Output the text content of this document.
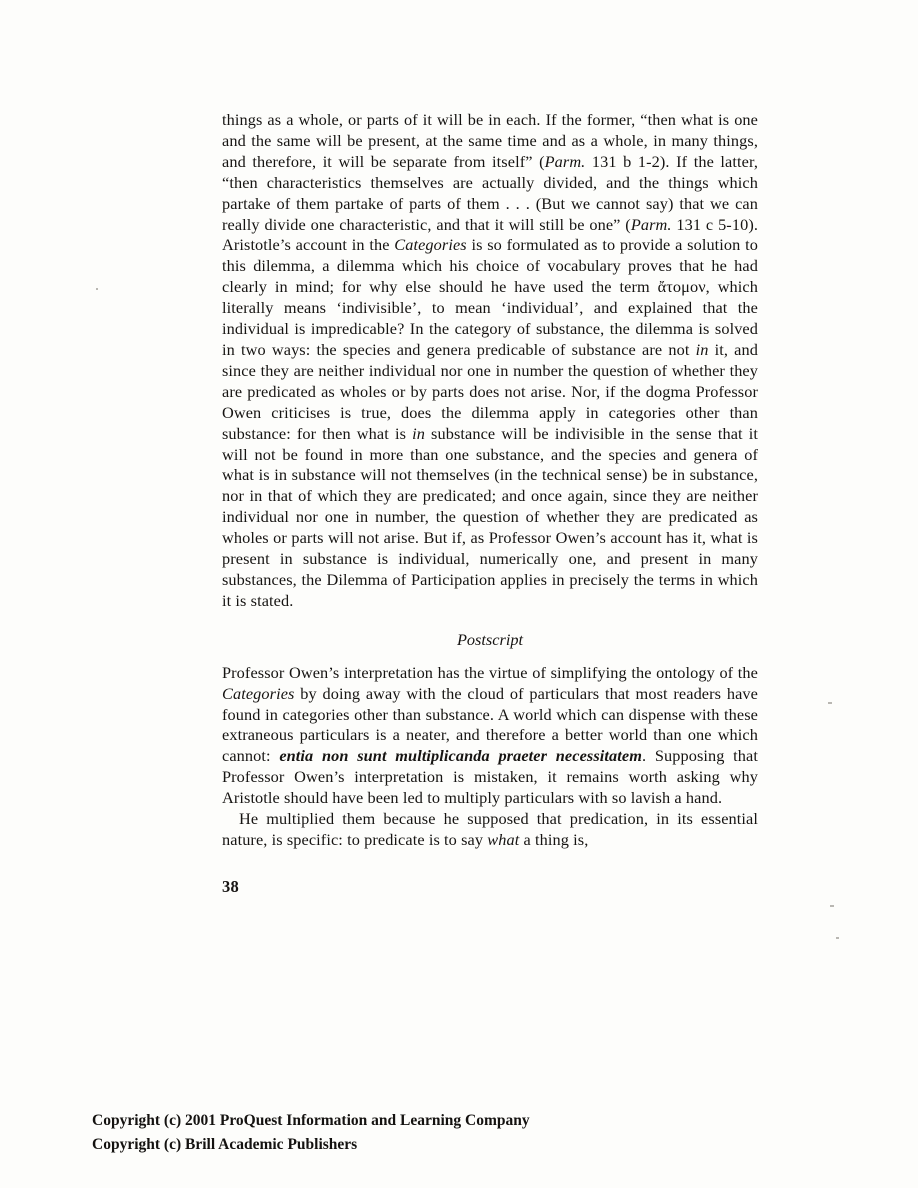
things as a whole, or parts of it will be in each. If the former, “then what is one and the same will be present, at the same time and as a whole, in many things, and therefore, it will be separate from itself” (Parm. 131 b 1-2). If the latter, “then characteristics themselves are actually divided, and the things which partake of them partake of parts of them . . . (But we cannot say) that we can really divide one characteristic, and that it will still be one” (Parm. 131 c 5-10). Aristotle’s account in the Categories is so formulated as to provide a solution to this dilemma, a dilemma which his choice of vocabulary proves that he had clearly in mind; for why else should he have used the term ἄτομον, which literally means ‘indivisible’, to mean ‘individual’, and explained that the individual is impredicable? In the category of substance, the dilemma is solved in two ways: the species and genera predicable of substance are not in it, and since they are neither individual nor one in number the question of whether they are predicated as wholes or by parts does not arise. Nor, if the dogma Professor Owen criticises is true, does the dilemma apply in categories other than substance: for then what is in substance will be indivisible in the sense that it will not be found in more than one substance, and the species and genera of what is in substance will not themselves (in the technical sense) be in substance, nor in that of which they are predicated; and once again, since they are neither individual nor one in number, the question of whether they are predicated as wholes or parts will not arise. But if, as Professor Owen’s account has it, what is present in substance is individual, numerically one, and present in many substances, the Dilemma of Participation applies in precisely the terms in which it is stated.

Postscript

Professor Owen’s interpretation has the virtue of simplifying the ontology of the Categories by doing away with the cloud of particulars that most readers have found in categories other than substance. A world which can dispense with these extraneous particulars is a neater, and therefore a better world than one which cannot: entia non sunt multiplicanda praeter necessitatem. Supposing that Professor Owen’s interpretation is mistaken, it remains worth asking why Aristotle should have been led to multiply particulars with so lavish a hand.

He multiplied them because he supposed that predication, in its essential nature, is specific: to predicate is to say what a thing is,

38
Copyright (c) 2001 ProQuest Information and Learning Company
Copyright (c) Brill Academic Publishers
